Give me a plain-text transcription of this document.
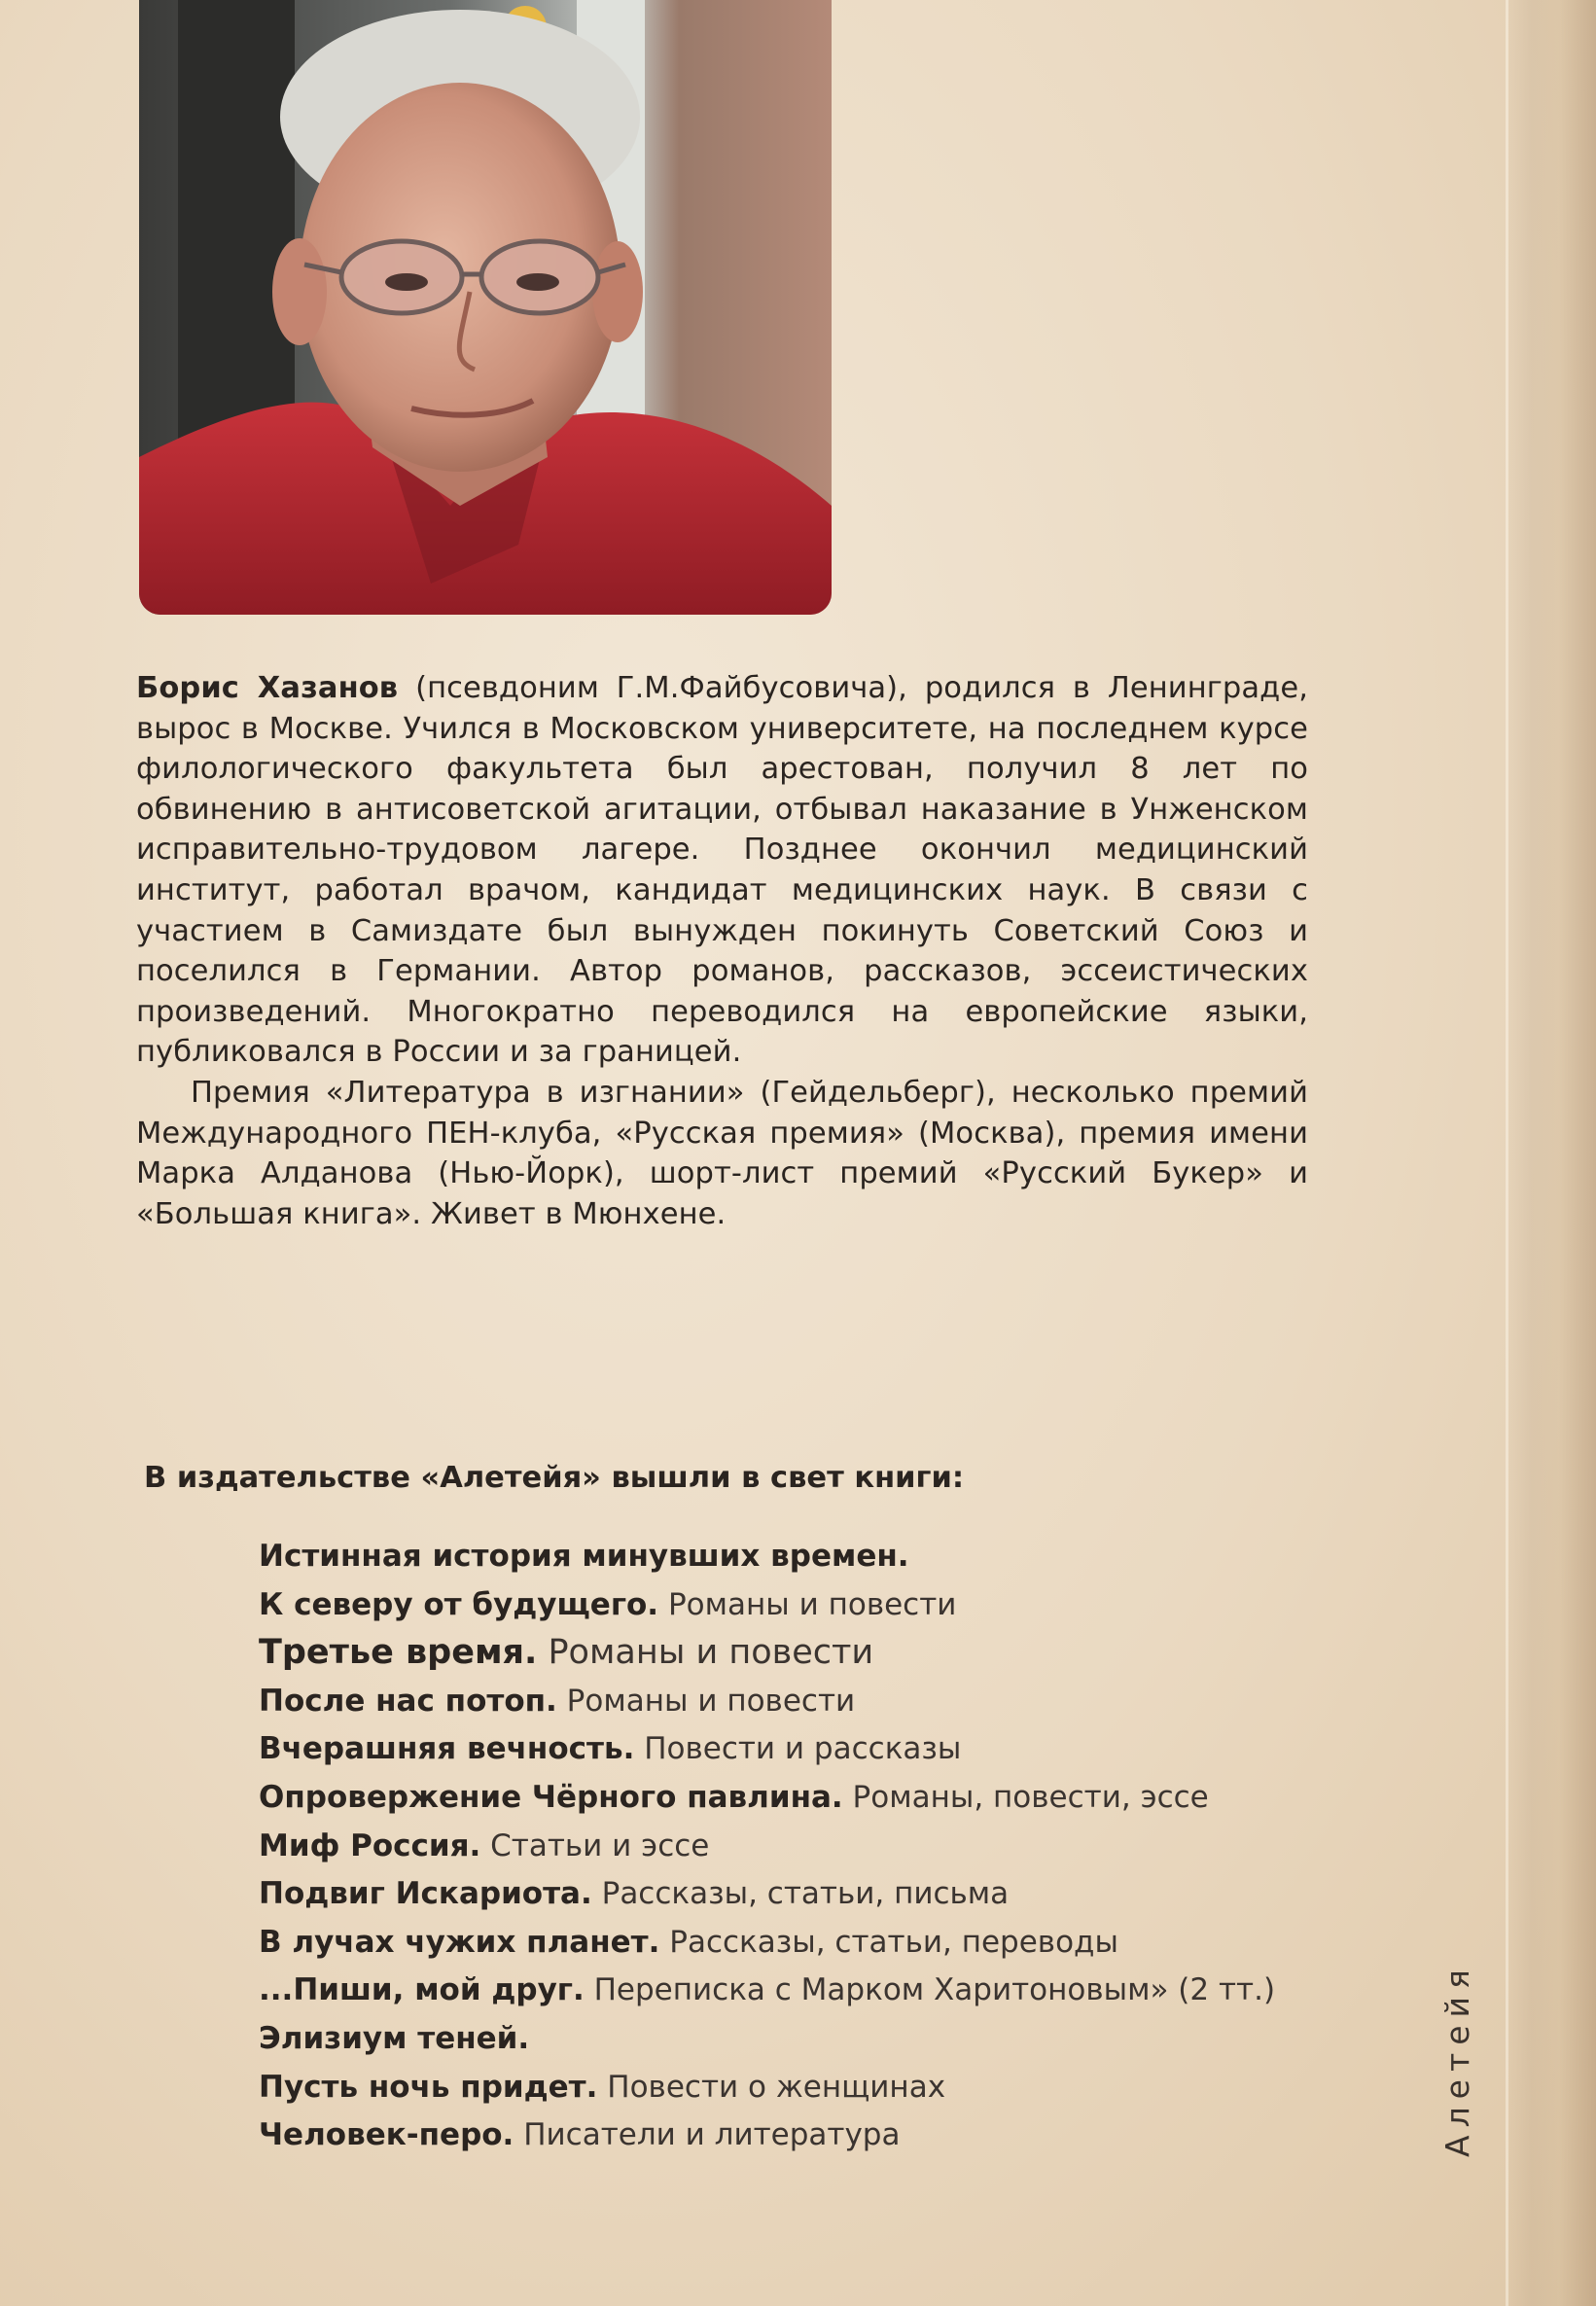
Борис Хазанов (псевдоним Г.М.Файбусовича), родился в Ленинграде, вырос в Москве. Учился в Московском университете, на последнем курсе филологического факультета был арестован, получил 8 лет по обвинению в антисоветской агитации, отбывал наказание в Унженском исправительно-трудовом лагере. Позднее окончил медицинский институт, работал врачом, кандидат медицинских наук. В связи с участием в Самиздате был вынужден покинуть Советский Союз и поселился в Германии. Автор романов, рассказов, эссеистических произведений. Многократно переводился на европейские языки, публиковался в России и за границей.

Премия «Литература в изгнании» (Гейдельберг), несколько премий Международного ПЕН-клуба, «Русская премия» (Москва), премия имени Марка Алданова (Нью-Йорк), шорт-лист премий «Русский Букер» и «Большая книга». Живет в Мюнхене.

В издательстве «Алетейя» вышли в свет книги:
Истинная история минувших времен.
К северу от будущего. Романы и повести
Третье время. Романы и повести
После нас потоп. Романы и повести
Вчерашняя вечность. Повести и рассказы
Опровержение Чёрного павлина. Романы, повести, эссе
Миф Россия. Статьи и эссе
Подвиг Искариота. Рассказы, статьи, письма
В лучах чужих планет. Рассказы, статьи, переводы
...Пиши, мой друг. Переписка с Марком Харитоновым» (2 тт.)
Элизиум теней.
Пусть ночь придет. Повести о женщинах
Человек-перо. Писатели и литература	Алетейя
